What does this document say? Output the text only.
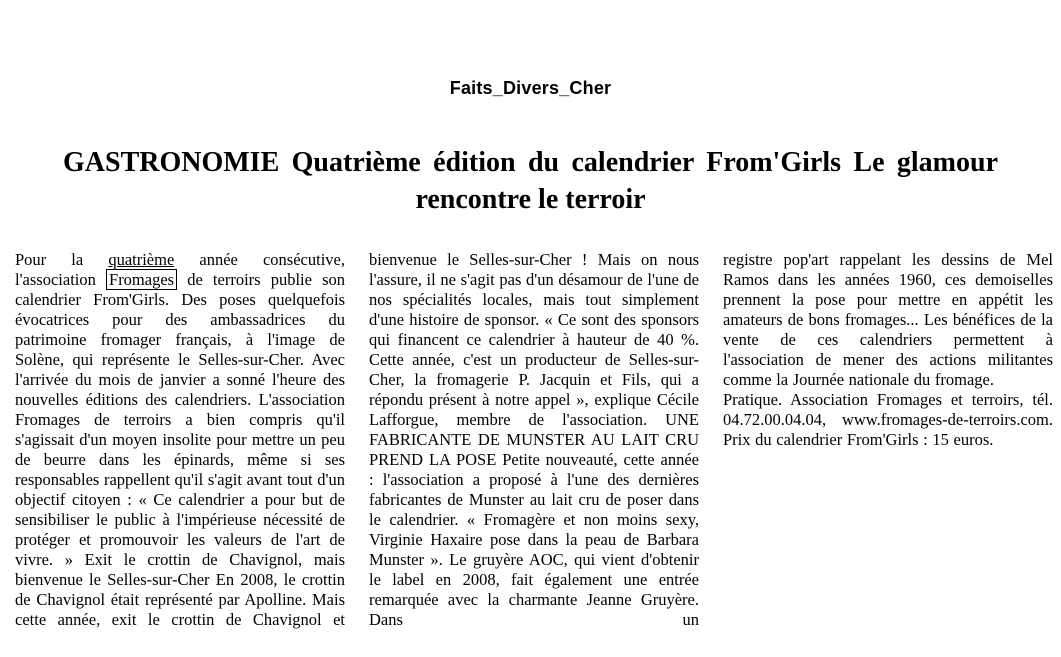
Faits_Divers_Cher
GASTRONOMIE Quatrième édition du calendrier From'Girls Le glamour rencontre le terroir

Pour la quatrième année consécutive, l'association Fromages de terroirs publie son calendrier From'Girls. Des poses quelquefois évocatrices pour des ambassadrices du patrimoine fromager français, à l'image de Solène, qui représente le Selles-sur-Cher. Avec l'arrivée du mois de janvier a sonné l'heure des nouvelles éditions des calendriers. L'association Fromages de terroirs a bien compris qu'il s'agissait d'un moyen insolite pour mettre un peu de beurre dans les épinards, même si ses responsables rappellent qu'il s'agit avant tout d'un objectif citoyen : « Ce calendrier a pour but de sensibiliser le public à l'impérieuse nécessité de protéger et promouvoir les valeurs de l'art de vivre. » Exit le crottin de Chavignol, mais bienvenue le Selles-sur-Cher En 2008, le crottin de Chavignol était représenté par Apolline. Mais cette année, exit le crottin de Chavignol et

bienvenue le Selles-sur-Cher ! Mais on nous l'assure, il ne s'agit pas d'un désamour de l'une de nos spécialités locales, mais tout simplement d'une histoire de sponsor. « Ce sont des sponsors qui financent ce calendrier à hauteur de 40 %. Cette année, c'est un producteur de Selles-sur-Cher, la fromagerie P. Jacquin et Fils, qui a répondu présent à notre appel », explique Cécile Lafforgue, membre de l'association. UNE FABRICANTE DE MUNSTER AU LAIT CRU PREND LA POSE Petite nouveauté, cette année : l'association a proposé à l'une des dernières fabricantes de Munster au lait cru de poser dans le calendrier. « Fromagère et non moins sexy, Virginie Haxaire pose dans la peau de Barbara Munster ». Le gruyère AOC, qui vient d'obtenir le label en 2008, fait également une entrée remarquée avec la charmante Jeanne Gruyère. Dans un

registre pop'art rappelant les dessins de Mel Ramos dans les années 1960, ces demoiselles prennent la pose pour mettre en appétit les amateurs de bons fromages... Les bénéfices de la vente de ces calendriers permettent à l'association de mener des actions militantes comme la Journée nationale du fromage.

Pratique. Association Fromages et terroirs, tél. 04.72.00.04.04, www.fromages-de-terroirs.com. Prix du calendrier From'Girls : 15 euros.
